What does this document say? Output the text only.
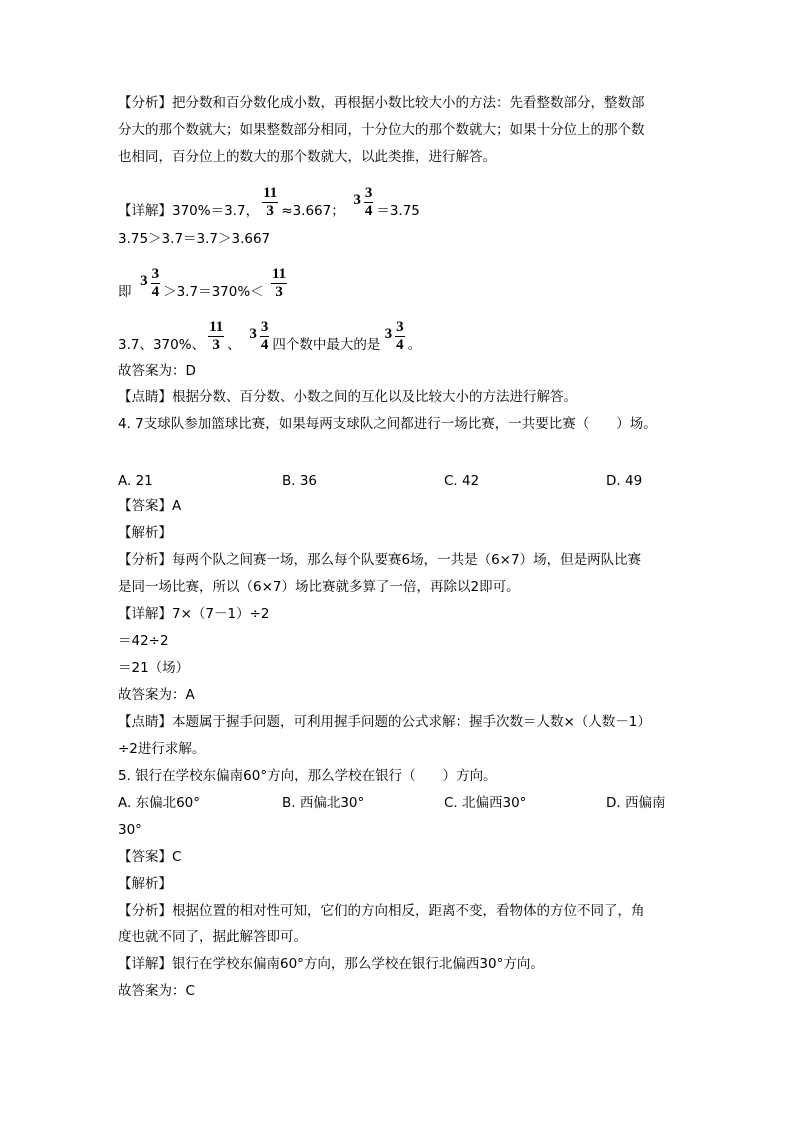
【分析】把分数和百分数化成小数，再根据小数比较大小的方法：先看整数部分，整数部
分大的那个数就大；如果整数部分相同，十分位大的那个数就大；如果十分位上的那个数
也相同，百分位上的数大的那个数就大，以此类推，进行解答。
【详解】370%＝3.7， $\frac{11}{3} \approx 3.667$；  $3 \frac{3}{4} =3.75$
3.75＞3.7＝3.7＞3.667
即  $3 \frac{3}{4} >3.7=370\%< \frac{11}{3}$
3.7、370%、 $\frac{11}{3}$ 、  $3 \frac{3}{4}$ 四个数中最大的是 $3 \frac{3}{4}$ 。
故答案为：D
【点睛】根据分数、百分数、小数之间的互化以及比较大小的方法进行解答。
4. 7支球队参加篮球比赛，如果每两支球队之间都进行一场比赛，一共要比赛（　　）场。
A. 21	B. 36	C. 42	D. 49
【答案】A
【解析】
【分析】每两个队之间赛一场，那么每个队要赛6场，一共是（6×7）场，但是两队比赛
是同一场比赛，所以（6×7）场比赛就多算了一倍，再除以2即可。
【详解】7×（7－1）÷2
＝42÷2
＝21（场）
故答案为：A
【点睛】本题属于握手问题，可利用握手问题的公式求解：握手次数＝人数×（人数－1）
÷2进行求解。
5. 银行在学校东偏南60°方向，那么学校在银行（　　）方向。
A. 东偏北60°	B. 西偏北30°	C. 北偏西30°	D. 西偏南
30°
【答案】C
【解析】
【分析】根据位置的相对性可知，它们的方向相反，距离不变，看物体的方位不同了，角
度也就不同了，据此解答即可。
【详解】银行在学校东偏南60°方向，那么学校在银行北偏西30°方向。
故答案为：C
